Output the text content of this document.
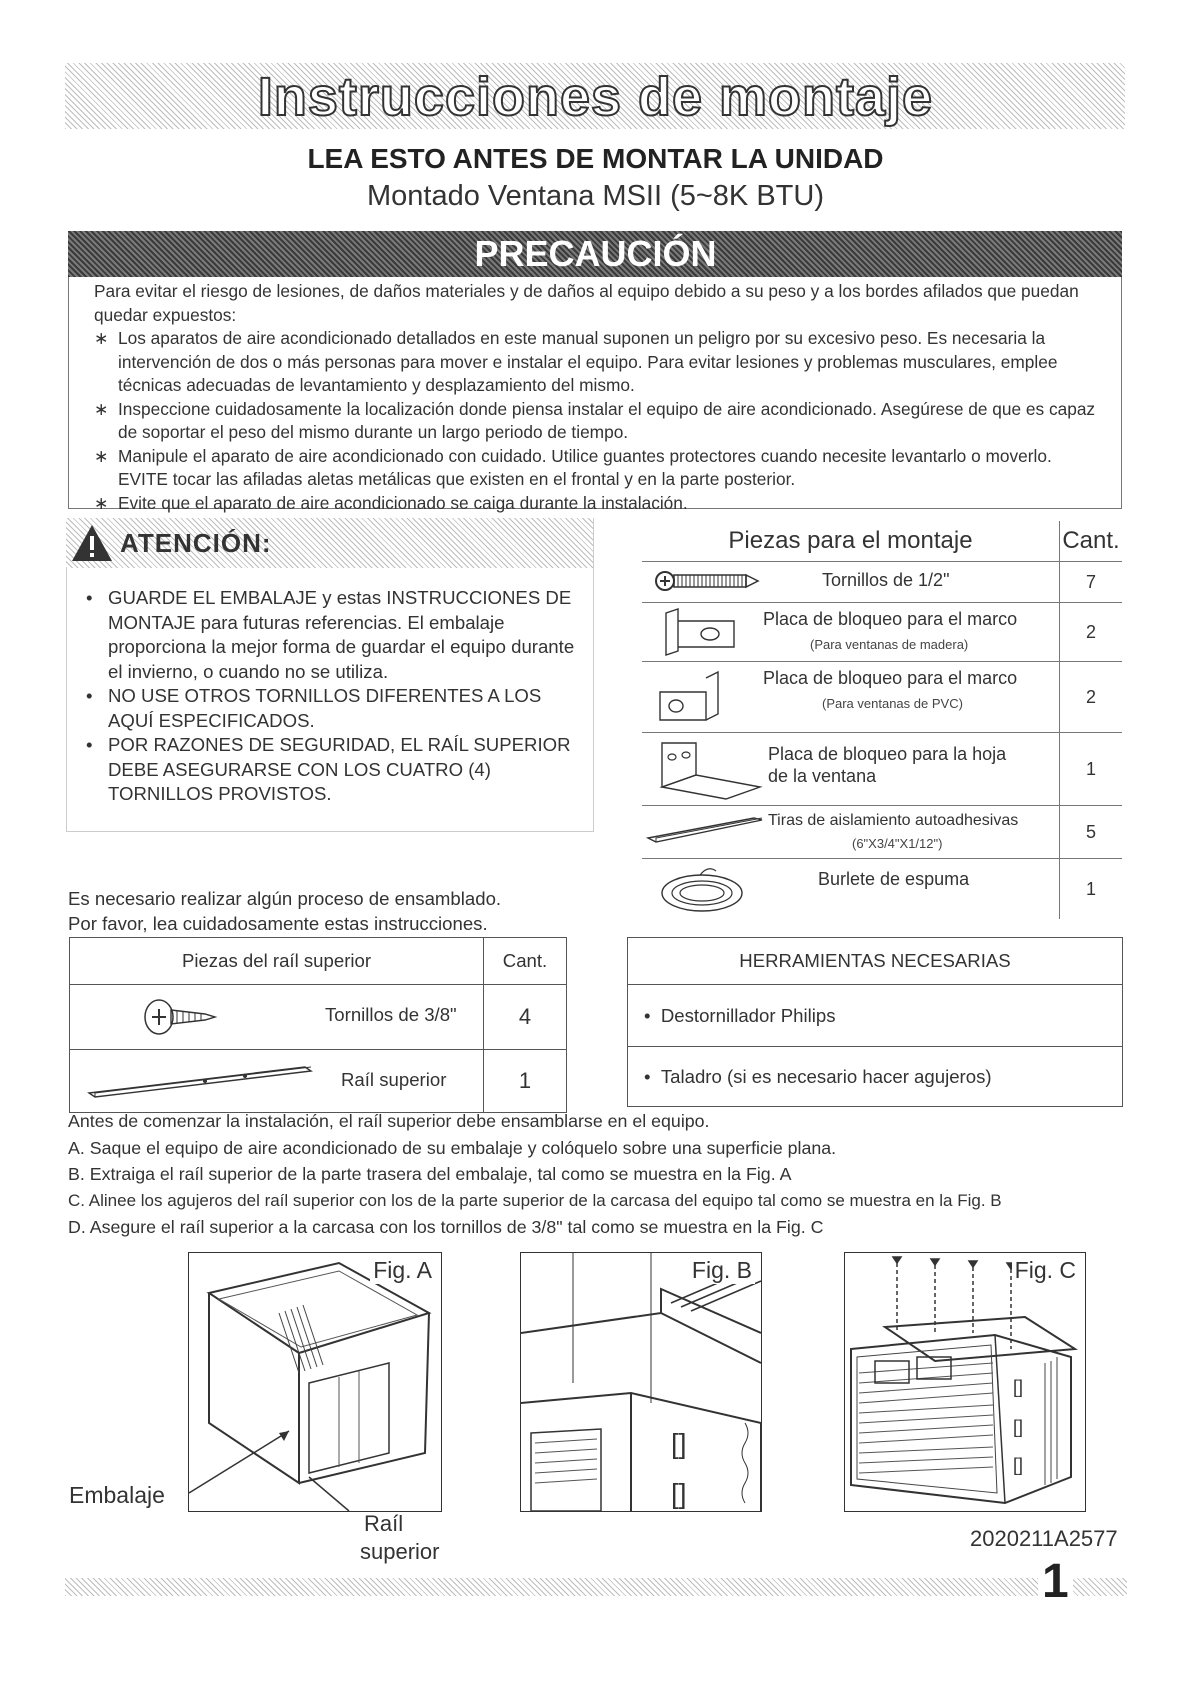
Instrucciones de montaje
LEA ESTO ANTES DE MONTAR LA UNIDAD
Montado Ventana MSII (5~8K BTU)
PRECAUCIÓN
Para evitar el riesgo de lesiones, de daños materiales y de daños al equipo debido a su peso y a los bordes afilados que puedan quedar expuestos:
∗ Los aparatos de aire acondicionado detallados en este manual suponen un peligro por su excesivo peso. Es necesaria la intervención de dos o más personas para mover e instalar el equipo. Para evitar lesiones y problemas musculares, emplee técnicas adecuadas de levantamiento y desplazamiento del mismo.
∗ Inspeccione cuidadosamente la localización donde piensa instalar el equipo de aire acondicionado. Asegúrese de que es capaz de soportar el peso del mismo durante un largo periodo de tiempo.
∗ Manipule el aparato de aire acondicionado con cuidado. Utilice guantes protectores cuando necesite levantarlo o moverlo. EVITE tocar las afiladas aletas metálicas que existen en el frontal y en la parte posterior.
∗ Evite que el aparato de aire acondicionado se caiga durante la instalación.
ATENCIÓN:
• GUARDE EL EMBALAJE y estas INSTRUCCIONES DE MONTAJE para futuras referencias. El embalaje proporciona la mejor forma de guardar el equipo durante el invierno, o cuando no se utiliza.
• NO USE OTROS TORNILLOS DIFERENTES A LOS AQUÍ ESPECIFICADOS.
• POR RAZONES DE SEGURIDAD, EL RAÍL SUPERIOR DEBE ASEGURARSE CON LOS CUATRO (4) TORNILLOS PROVISTOS.
Es necesario realizar algún proceso de ensamblado.
Por favor, lea cuidadosamente estas instrucciones.
Piezas para el montaje	Cant.

Tornillos de 1/2"	7

Placa de bloqueo para el marco
(Para ventanas de madera)	2

Placa de bloqueo para el marco
(Para ventanas de PVC)	2

Placa de bloqueo para la hoja de la ventana	1

Tiras de aislamiento autoadhesivas
(6"X3/4"X1/12")	5

Burlete de espuma	1
Piezas del raíl superior	Cant.

Tornillos de 3/8"	4

Raíl superior	1
HERRAMIENTAS NECESARIAS
•  Destornillador Philips
•  Taladro (si es necesario hacer agujeros)
Antes de comenzar la instalación, el raíl superior debe ensamblarse en el equipo.
A. Saque el equipo de aire acondicionado de su embalaje y colóquelo sobre una superficie plana.
B. Extraiga el raíl superior de la parte trasera del embalaje, tal como se muestra en la Fig. A
C. Alinee los agujeros del raíl superior con los de la parte superior de la carcasa del equipo tal como se muestra en la Fig. B
D. Asegure el raíl superior a la carcasa con los tornillos de 3/8" tal como se muestra en la Fig. C
Fig. A
Embalaje
Raíl
superior
[]
[]
Fig. B
[]
[]
[]
Fig. C
2020211A2577
1
